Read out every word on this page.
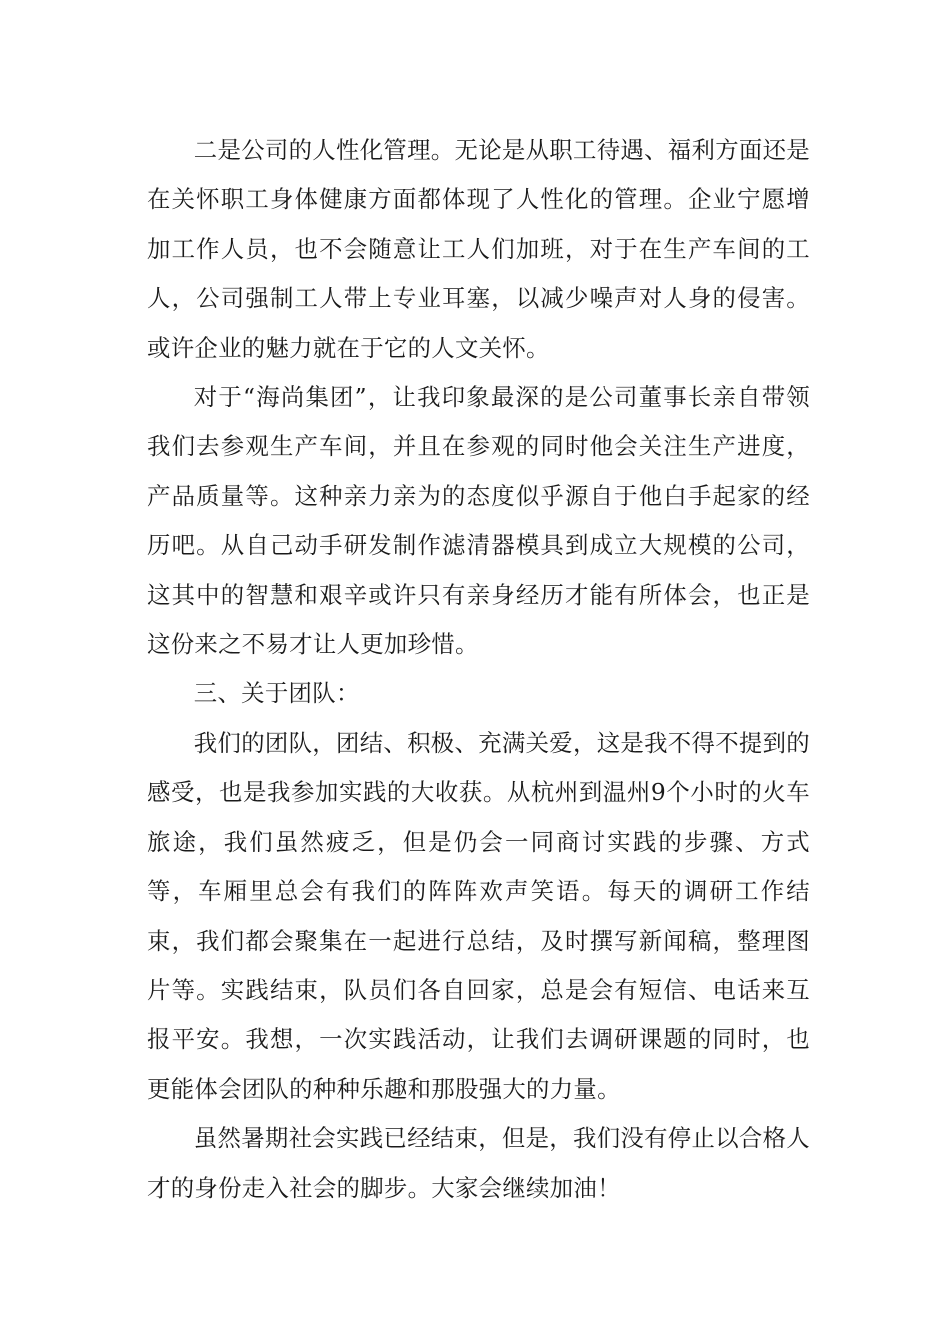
二是公司的人性化管理。无论是从职工待遇、福利方面还是在关怀职工身体健康方面都体现了人性化的管理。企业宁愿增加工作人员，也不会随意让工人们加班，对于在生产车间的工人，公司强制工人带上专业耳塞，以减少噪声对人身的侵害。或许企业的魅力就在于它的人文关怀。

对于“海尚集团”，让我印象最深的是公司董事长亲自带领我们去参观生产车间，并且在参观的同时他会关注生产进度，产品质量等。这种亲力亲为的态度似乎源自于他白手起家的经历吧。从自己动手研发制作滤清器模具到成立大规模的公司，这其中的智慧和艰辛或许只有亲身经历才能有所体会，也正是这份来之不易才让人更加珍惜。

三、关于团队：

我们的团队，团结、积极、充满关爱，这是我不得不提到的感受，也是我参加实践的大收获。从杭州到温州9个小时的火车旅途，我们虽然疲乏，但是仍会一同商讨实践的步骤、方式等，车厢里总会有我们的阵阵欢声笑语。每天的调研工作结束，我们都会聚集在一起进行总结，及时撰写新闻稿，整理图片等。实践结束，队员们各自回家，总是会有短信、电话来互报平安。我想，一次实践活动，让我们去调研课题的同时，也更能体会团队的种种乐趣和那股强大的力量。

虽然暑期社会实践已经结束，但是，我们没有停止以合格人才的身份走入社会的脚步。大家会继续加油！
